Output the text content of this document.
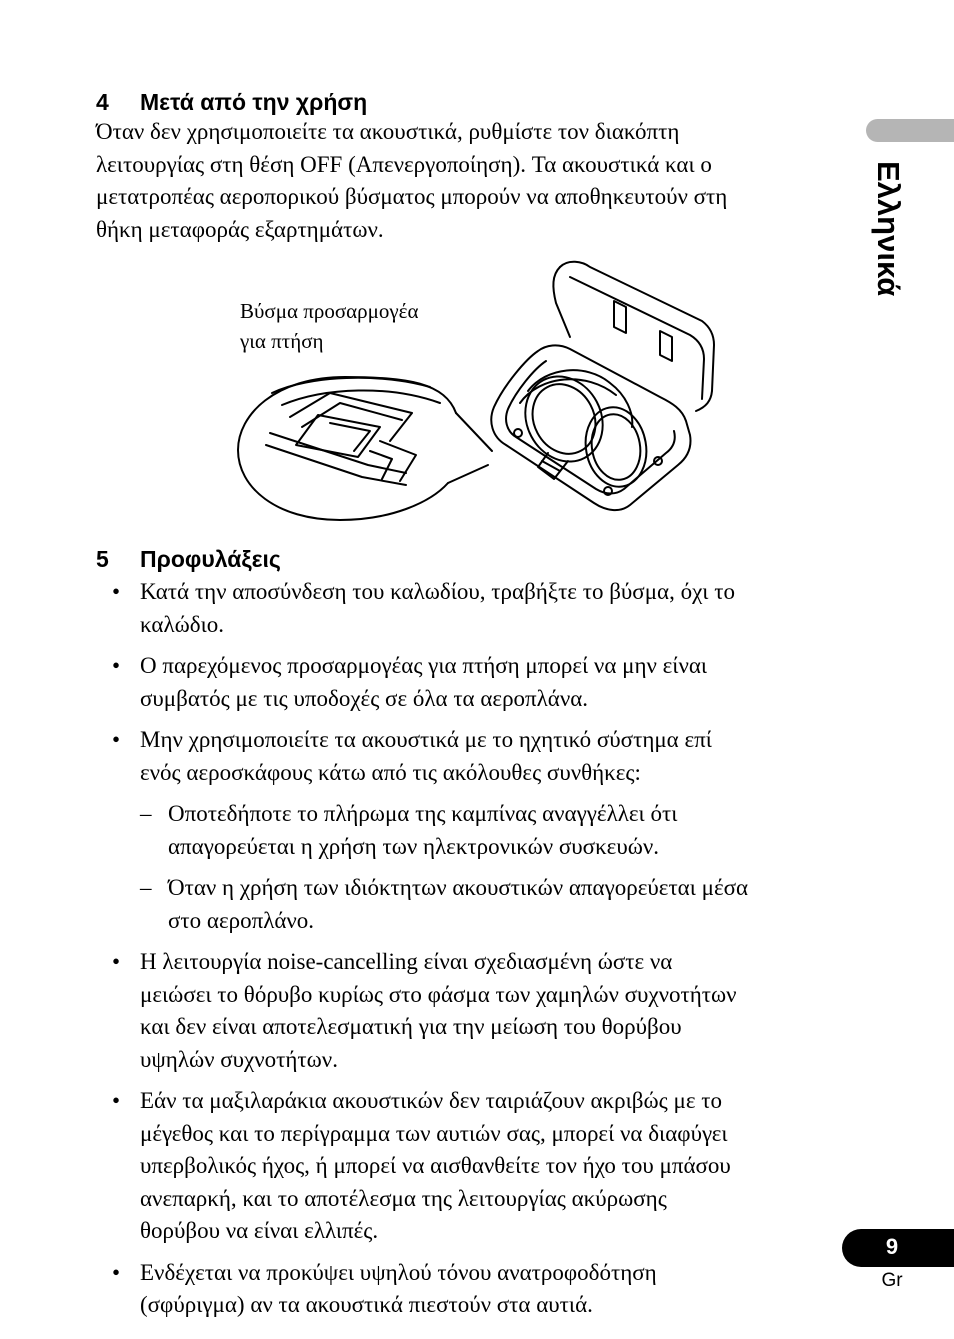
4 Μετά από την χρήση
Όταν δεν χρησιμοποιείτε τα ακουστικά, ρυθμίστε τον διακόπτη
λειτουργίας στη θέση OFF (Απενεργοποίηση). Τα ακουστικά και ο
μετατροπέας αεροπορικού βύσματος μπορούν να αποθηκευτούν στη
θήκη μεταφοράς εξαρτημάτων.
Βύσμα προσαρμογέα
για πτήση
5 Προφυλάξεις
• Κατά την αποσύνδεση του καλωδίου, τραβήξτε το βύσμα, όχι το
καλώδιο.
• Ο παρεχόμενος προσαρμογέας για πτήση μπορεί να μην είναι
συμβατός με τις υποδοχές σε όλα τα αεροπλάνα.
• Μην χρησιμοποιείτε τα ακουστικά με το ηχητικό σύστημα επί
ενός αεροσκάφους κάτω από τις ακόλουθες συνθήκες:
– Οποτεδήποτε το πλήρωμα της καμπίνας αναγγέλλει ότι
απαγορεύεται η χρήση των ηλεκτρονικών συσκευών.
– Όταν η χρήση των ιδιόκτητων ακουστικών απαγορεύεται μέσα
στο αεροπλάνο.
• Η λειτουργία noise-cancelling είναι σχεδιασμένη ώστε να
μειώσει το θόρυβο κυρίως στο φάσμα των χαμηλών συχνοτήτων
και δεν είναι αποτελεσματική για την μείωση του θορύβου
υψηλών συχνοτήτων.
• Εάν τα μαξιλαράκια ακουστικών δεν ταιριάζουν ακριβώς με το
μέγεθος και το περίγραμμα των αυτιών σας, μπορεί να διαφύγει
υπερβολικός ήχος, ή μπορεί να αισθανθείτε τον ήχο του μπάσου
ανεπαρκή, και το αποτέλεσμα της λειτουργίας ακύρωσης
θορύβου να είναι ελλιπές.
• Ενδέχεται να προκύψει υψηλού τόνου ανατροφοδότηση
(σφύριγμα) αν τα ακουστικά πιεστούν στα αυτιά.
Ελληνικά
9
Gr
